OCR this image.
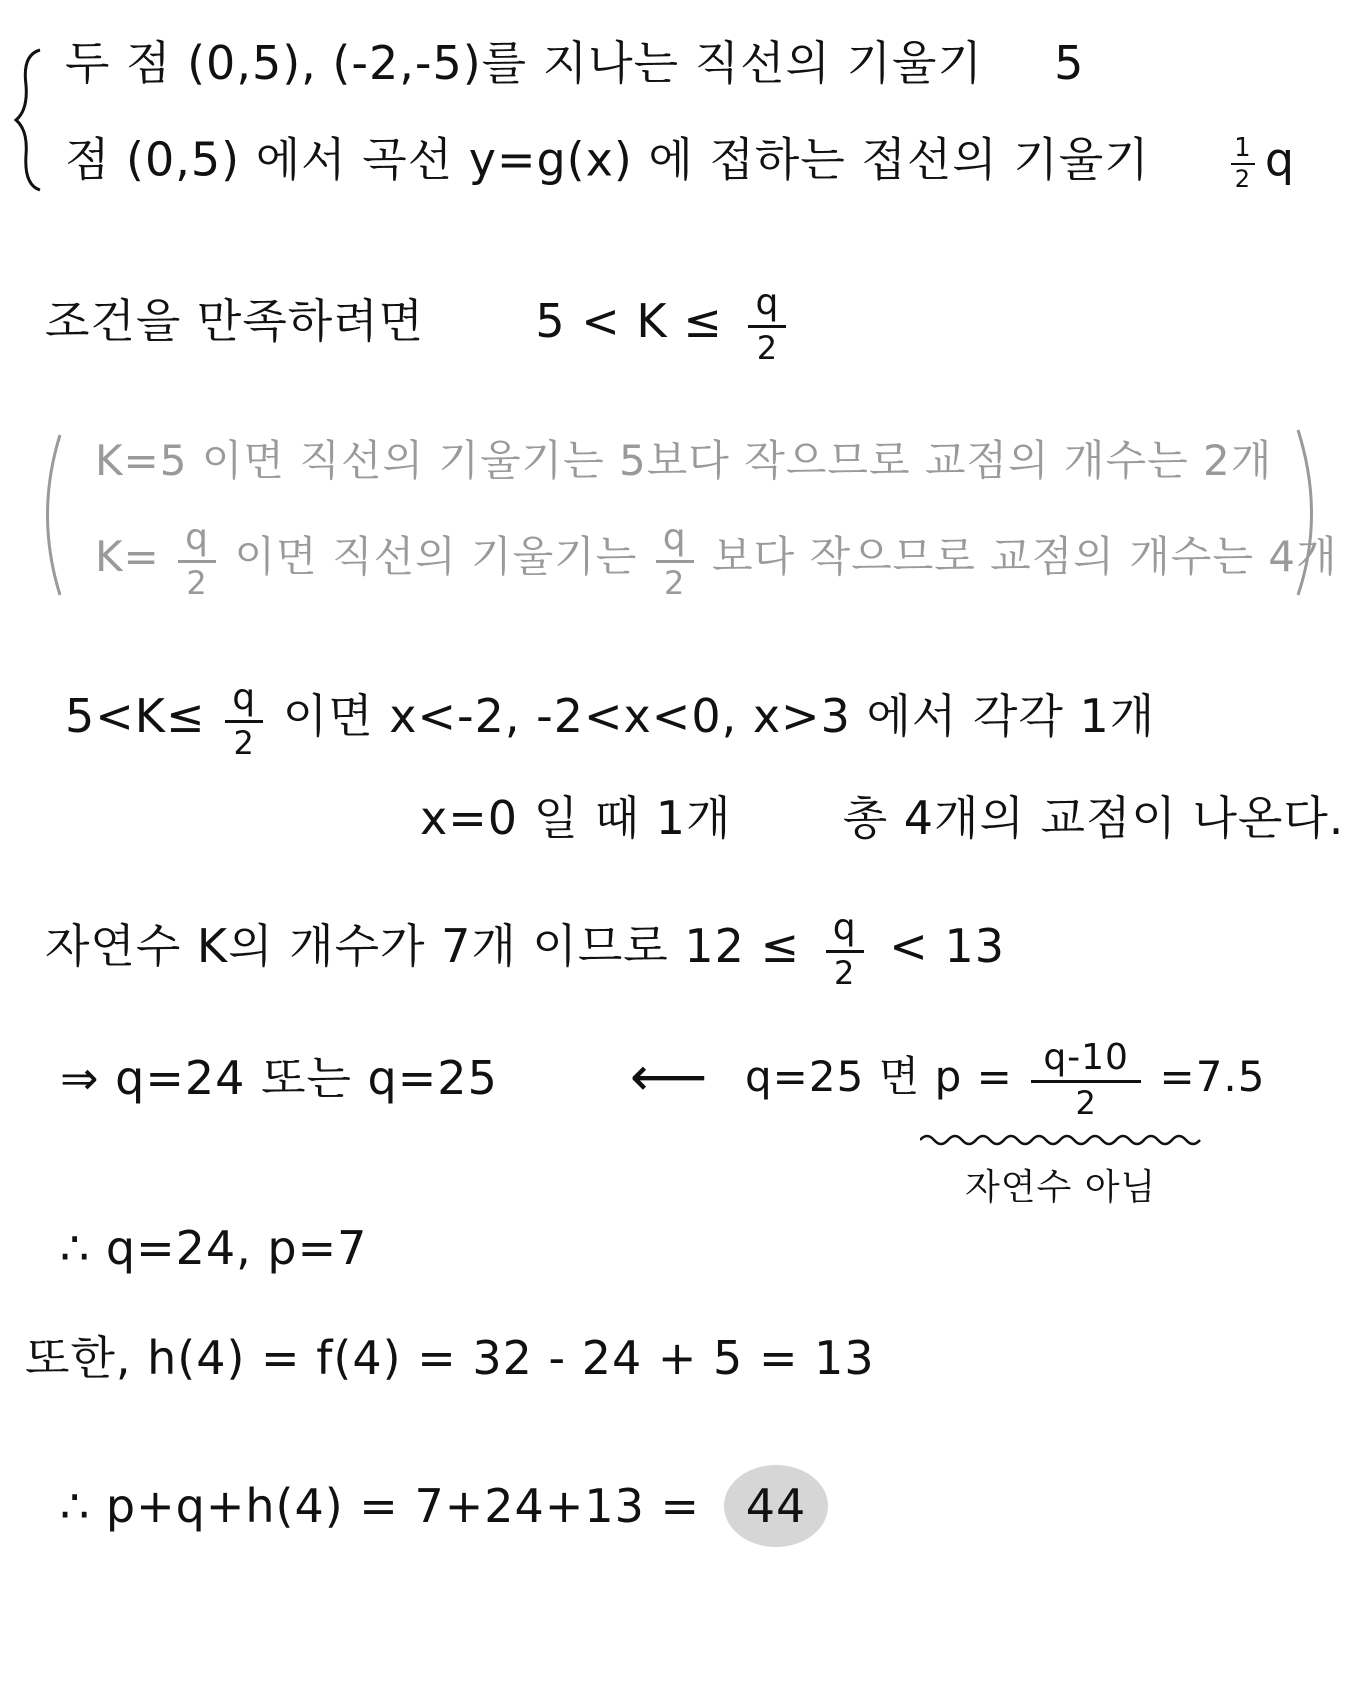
두 점 (0,5), (-2,-5)를 지나는 직선의 기울기 5
점 (0,5) 에서 곡선 y=g(x) 에 접하는 접선의 기울기	$\frac{1}{2}$ q
조건을 만족하려면 $5 < K \le \frac{q}{2}$
K=5 이면 직선의 기울기는 5보다 작으므로 교점의 개수는 2개
$K= \frac{q}{2}$ 이면 직선의 기울기는 $\frac{q}{2}$ 보다 작으므로 교점의 개수는 4개
$5<K\le \frac{q}{2}$ 이면 x<-2, -2<x<0, x>3 에서 각각 1개
x=0 일 때 1개 총 4개의 교점이 나온다.
자연수 K의 개수가 7개 이므로 $12 \le \frac{q}{2} < 13$
⇒ q=24 또는 q=25 ⟵ q=25 면 $p = \frac{q-10}{2} =7.5$
자연수 아님
∴ q=24, p=7
또한, h(4) = f(4) = 32 - 24 + 5 = 13
∴ p+q+h(4) = 7+24+13 = 44
